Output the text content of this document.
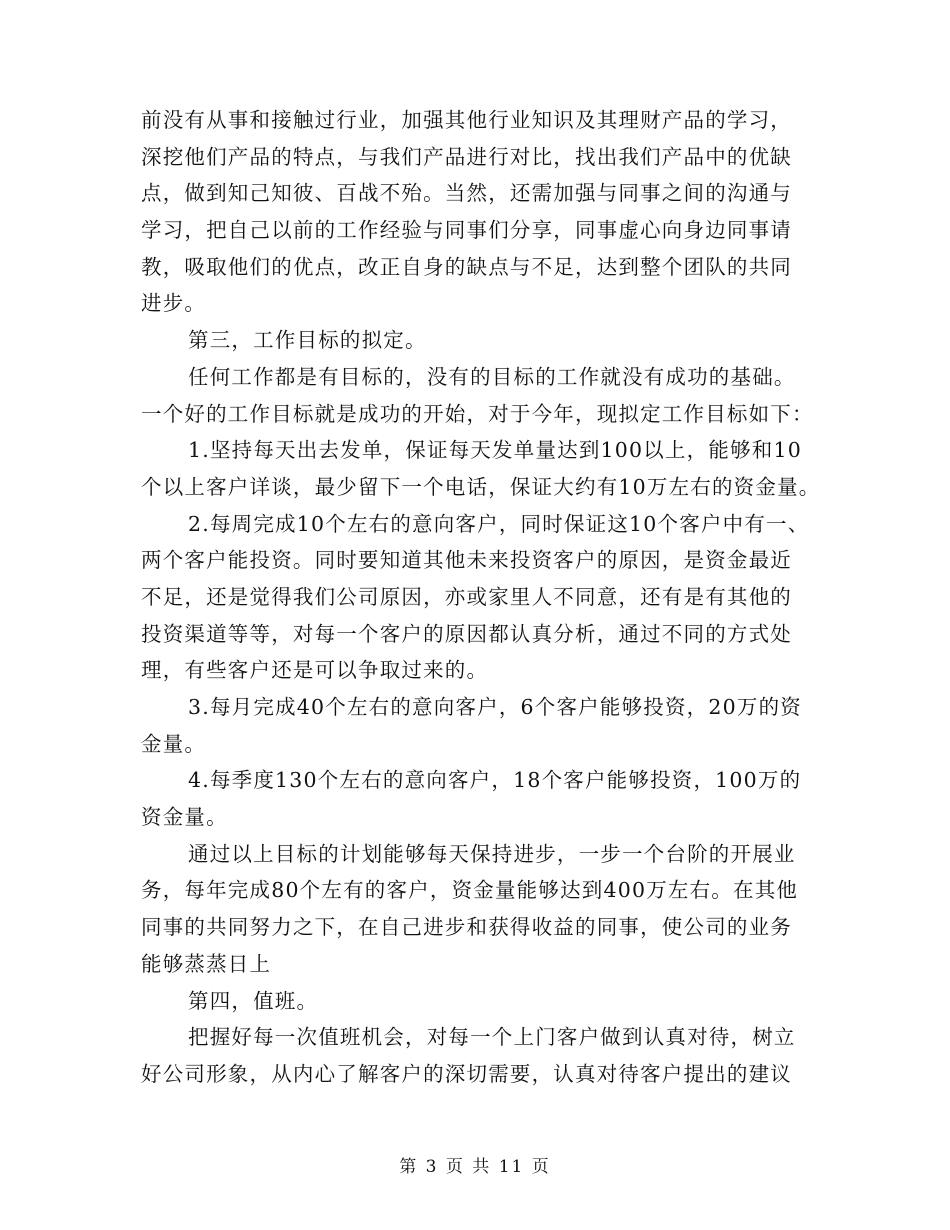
前没有从事和接触过行业，加强其他行业知识及其理财产品的学习，
深挖他们产品的特点，与我们产品进行对比，找出我们产品中的优缺
点，做到知己知彼、百战不殆。当然，还需加强与同事之间的沟通与
学习，把自己以前的工作经验与同事们分享，同事虚心向身边同事请
教，吸取他们的优点，改正自身的缺点与不足，达到整个团队的共同
进步。
第三，工作目标的拟定。
任何工作都是有目标的，没有的目标的工作就没有成功的基础。
一个好的工作目标就是成功的开始，对于今年，现拟定工作目标如下：
1.坚持每天出去发单，保证每天发单量达到100以上，能够和10
个以上客户详谈，最少留下一个电话，保证大约有10万左右的资金量。
2.每周完成10个左右的意向客户，同时保证这10个客户中有一、
两个客户能投资。同时要知道其他未来投资客户的原因，是资金最近
不足，还是觉得我们公司原因，亦或家里人不同意，还有是有其他的
投资渠道等等，对每一个客户的原因都认真分析，通过不同的方式处
理，有些客户还是可以争取过来的。
3.每月完成40个左右的意向客户，6个客户能够投资，20万的资
金量。
4.每季度130个左右的意向客户，18个客户能够投资，100万的
资金量。
通过以上目标的计划能够每天保持进步，一步一个台阶的开展业
务，每年完成80个左有的客户，资金量能够达到400万左右。在其他
同事的共同努力之下，在自己进步和获得收益的同事，使公司的业务
能够蒸蒸日上
第四，值班。
把握好每一次值班机会，对每一个上门客户做到认真对待，树立
好公司形象，从内心了解客户的深切需要，认真对待客户提出的建议

第 3 页 共 11 页
